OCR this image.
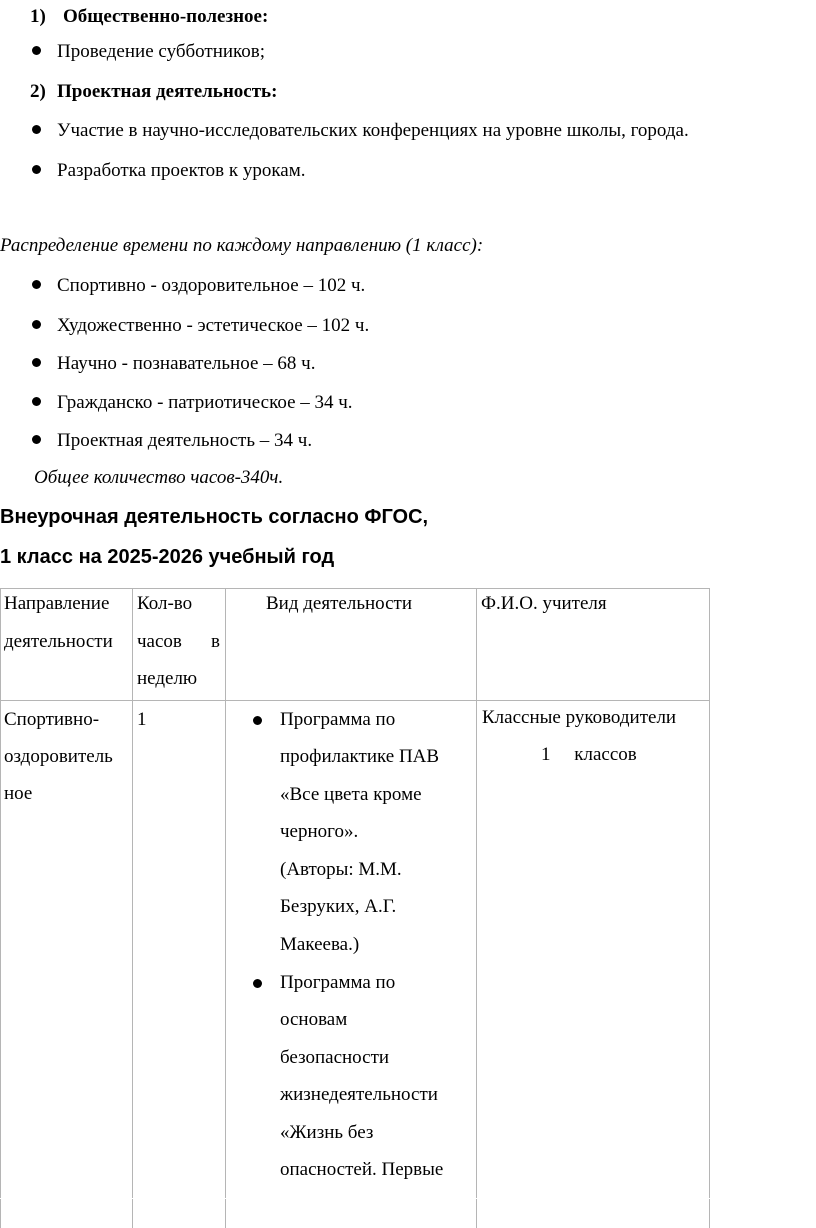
1) Общественно-полезное:
Проведение субботников;
2) Проектная деятельность:
Участие в научно-исследовательских конференциях на уровне школы, города.
Разработка проектов к урокам.
Распределение времени по каждому направлению (1 класс):
Спортивно - оздоровительное – 102 ч.
Художественно - эстетическое – 102 ч.
Научно - познавательное – 68 ч.
Гражданско - патриотическое – 34 ч.
Проектная деятельность – 34 ч.
Общее количество часов-340ч.
Внеурочная деятельность согласно ФГОС,
1 класс на 2025-2026 учебный год
Направление
деятельности
Кол-во
часов в
неделю
Вид деятельности	Ф.И.О. учителя
Спортивно-
оздоровитель
ное
1	Программа по
профилактике ПАВ
«Все цвета кроме
черного».
(Авторы: М.М.
Безруких, А.Г.
Макеева.)
Программа по
основам
безопасности
жизнедеятельности
«Жизнь без
опасностей. Первые
Классные руководители
1     классов
